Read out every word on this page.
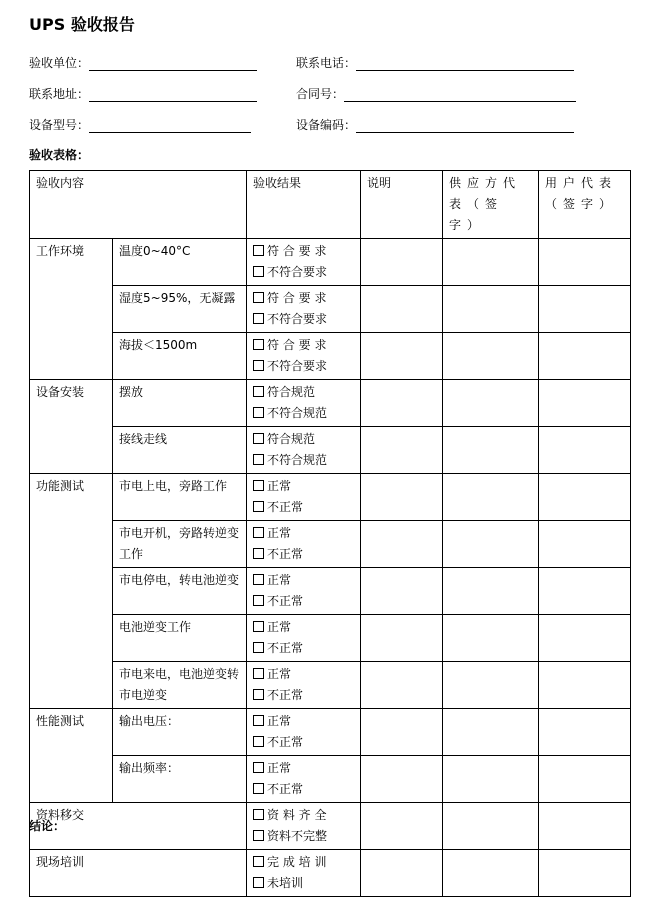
UPS 验收报告
验收单位：	联系电话：
联系地址：	合同号：
设备型号：	设备编码：
验收表格：
验收内容		验收结果	说明	供应方代表（签字）	用户代表（签字）
工作环境	温度0~40°C	符 合 要 求
不符合要求			

	湿度5~95%，无凝露	符 合 要 求
不符合要求			

	海拔＜1500m	符 合 要 求
不符合要求			

设备安装	摆放	符合规范
不符合规范			

	接线走线	符合规范
不符合规范			

功能测试	市电上电，旁路工作	正常
不正常			

	市电开机，旁路转逆变工作	正常
不正常			

	市电停电，转电池逆变	正常
不正常			

	电池逆变工作	正常
不正常			

	市电来电，电池逆变转市电逆变	正常
不正常			

性能测试	输出电压：	正常
不正常			

	输出频率：	正常
不正常			

资料移交		资 料 齐 全
资料不完整			

现场培训		完 成 培 训
未培训			

结论：
